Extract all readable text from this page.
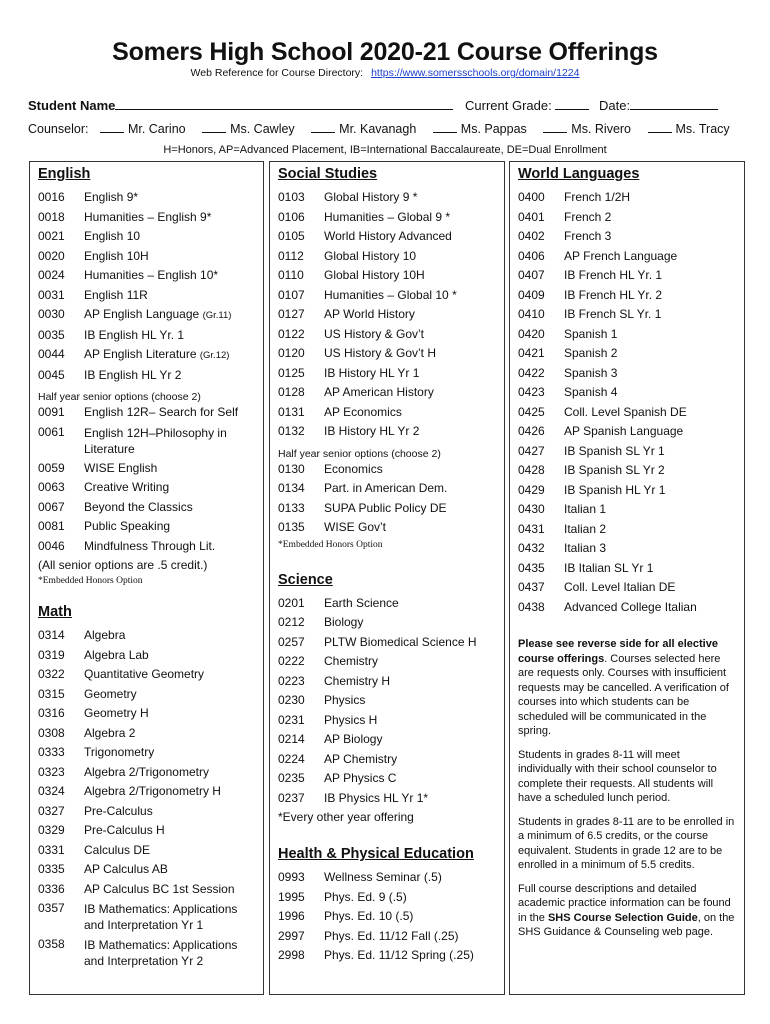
Somers High School 2020-21 Course Offerings
Web Reference for Course Directory: https://www.somersschools.org/domain/1224
Student Name	Current Grade:	Date:
Counselor:	Mr. Carino	Ms. Cawley	Mr. Kavanagh	Ms. Pappas	Ms. Rivero	Ms. Tracy
H=Honors, AP=Advanced Placement, IB=International Baccalaureate, DE=Dual Enrollment
English
0016	English 9*
0018	Humanities – English 9*
0021	English 10
0020	English 10H
0024	Humanities – English 10*
0031	English 11R
0030	AP English Language (Gr.11)
0035	IB English HL Yr. 1
0044	AP English Literature (Gr.12)
0045	IB English HL Yr 2
Half year senior options (choose 2)
0091	English 12R– Search for Self
0061	English 12H–Philosophy in Literature
0059	WISE English
0063	Creative Writing
0067	Beyond the Classics
0081	Public Speaking
0046	Mindfulness Through Lit.
(All senior options are .5 credit.)
*Embedded Honors Option
Math
0314	Algebra
0319	Algebra Lab
0322	Quantitative Geometry
0315	Geometry
0316	Geometry H
0308	Algebra 2
0333	Trigonometry
0323	Algebra 2/Trigonometry
0324	Algebra 2/Trigonometry H
0327	Pre-Calculus
0329	Pre-Calculus H
0331	Calculus DE
0335	AP Calculus AB
0336	AP Calculus BC 1st Session
0357	IB Mathematics: Applications and Interpretation Yr 1
0358	IB Mathematics: Applications and Interpretation Yr 2
Social Studies
0103	Global History 9 *
0106	Humanities – Global 9 *
0105	World History Advanced
0112	Global History 10
0110	Global History 10H
0107	Humanities – Global 10 *
0127	AP World History
0122	US History & Gov’t
0120	US History & Gov’t H
0125	IB History HL Yr 1
0128	AP American History
0131	AP Economics
0132	IB History HL Yr 2
Half year senior options (choose 2)
0130	Economics
0134	Part. in American Dem.
0133	SUPA Public Policy DE
0135	WISE Gov’t
*Embedded Honors Option
Science
0201	Earth Science
0212	Biology
0257	PLTW Biomedical Science H
0222	Chemistry
0223	Chemistry H
0230	Physics
0231	Physics H
0214	AP Biology
0224	AP Chemistry
0235	AP Physics C
0237	IB Physics HL Yr 1*
*Every other year offering
Health & Physical Education
0993	Wellness Seminar (.5)
1995	Phys. Ed. 9 (.5)
1996	Phys. Ed. 10 (.5)
2997	Phys. Ed. 11/12 Fall (.25)
2998	Phys. Ed. 11/12 Spring (.25)
World Languages
0400	French 1/2H
0401	French 2
0402	French 3
0406	AP French Language
0407	IB French HL Yr. 1
0409	IB French HL Yr. 2
0410	IB French SL Yr. 1
0420	Spanish 1
0421	Spanish 2
0422	Spanish 3
0423	Spanish 4
0425	Coll. Level Spanish DE
0426	AP Spanish Language
0427	IB Spanish SL Yr 1
0428	IB Spanish SL Yr 2
0429	IB Spanish HL Yr 1
0430	Italian 1
0431	Italian 2
0432	Italian 3
0435	IB Italian SL Yr 1
0437	Coll. Level Italian DE
0438	Advanced College Italian

Please see reverse side for all elective course offerings. Courses selected here are requests only. Courses with insufficient requests may be cancelled. A verification of courses into which students can be scheduled will be communicated in the spring.

Students in grades 8-11 will meet individually with their school counselor to complete their requests. All students will have a scheduled lunch period.

Students in grades 8-11 are to be enrolled in a minimum of 6.5 credits, or the course equivalent. Students in grade 12 are to be enrolled in a minimum of 5.5 credits.

Full course descriptions and detailed academic practice information can be found in the SHS Course Selection Guide, on the SHS Guidance & Counseling web page.
